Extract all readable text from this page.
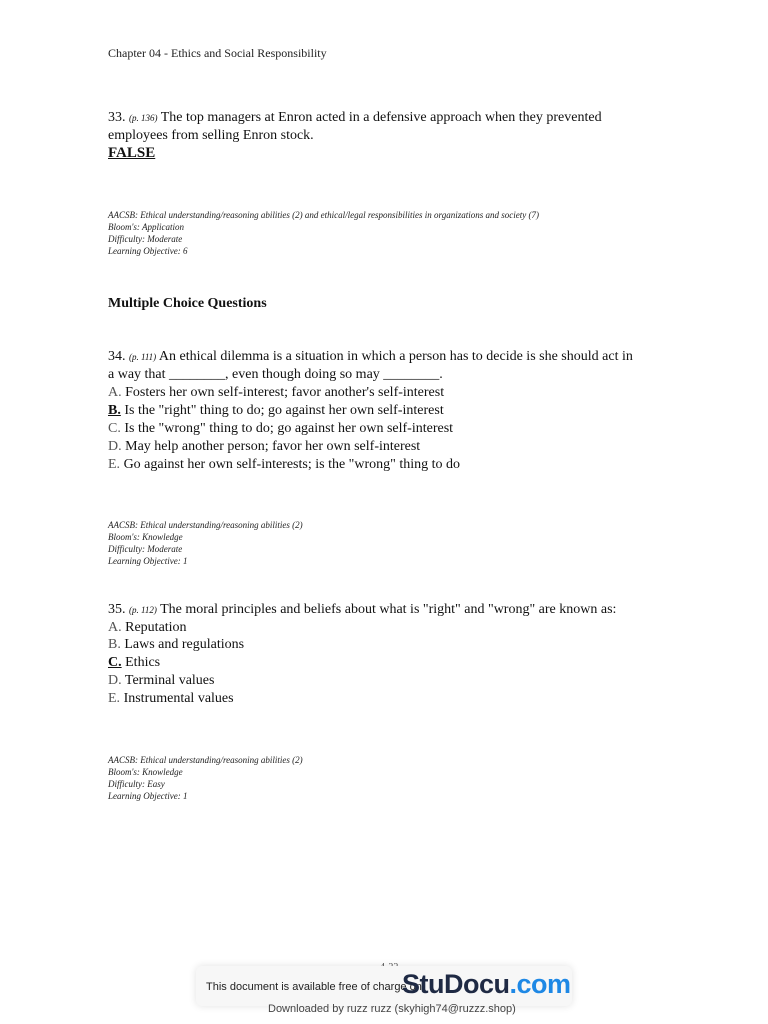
Chapter 04 - Ethics and Social Responsibility
33. (p. 136) The top managers at Enron acted in a defensive approach when they prevented
employees from selling Enron stock.
FALSE
AACSB: Ethical understanding/reasoning abilities (2) and ethical/legal responsibilities in organizations and society (7)
Bloom's: Application
Difficulty: Moderate
Learning Objective: 6
Multiple Choice Questions
34. (p. 111) An ethical dilemma is a situation in which a person has to decide is she should act in
a way that ________, even though doing so may ________.
A. Fosters her own self-interest; favor another's self-interest
B. Is the "right" thing to do; go against her own self-interest
C. Is the "wrong" thing to do; go against her own self-interest
D. May help another person; favor her own self-interest
E. Go against her own self-interests; is the "wrong" thing to do
AACSB: Ethical understanding/reasoning abilities (2)
Bloom's: Knowledge
Difficulty: Moderate
Learning Objective: 1
35. (p. 112) The moral principles and beliefs about what is "right" and "wrong" are known as:
A. Reputation
B. Laws and regulations
C. Ethics
D. Terminal values
E. Instrumental values
AACSB: Ethical understanding/reasoning abilities (2)
Bloom's: Knowledge
Difficulty: Easy
Learning Objective: 1
This document is available free of charge on
StuDocu.com
Downloaded by ruzz ruzz (skyhigh74@ruzzz.shop)
